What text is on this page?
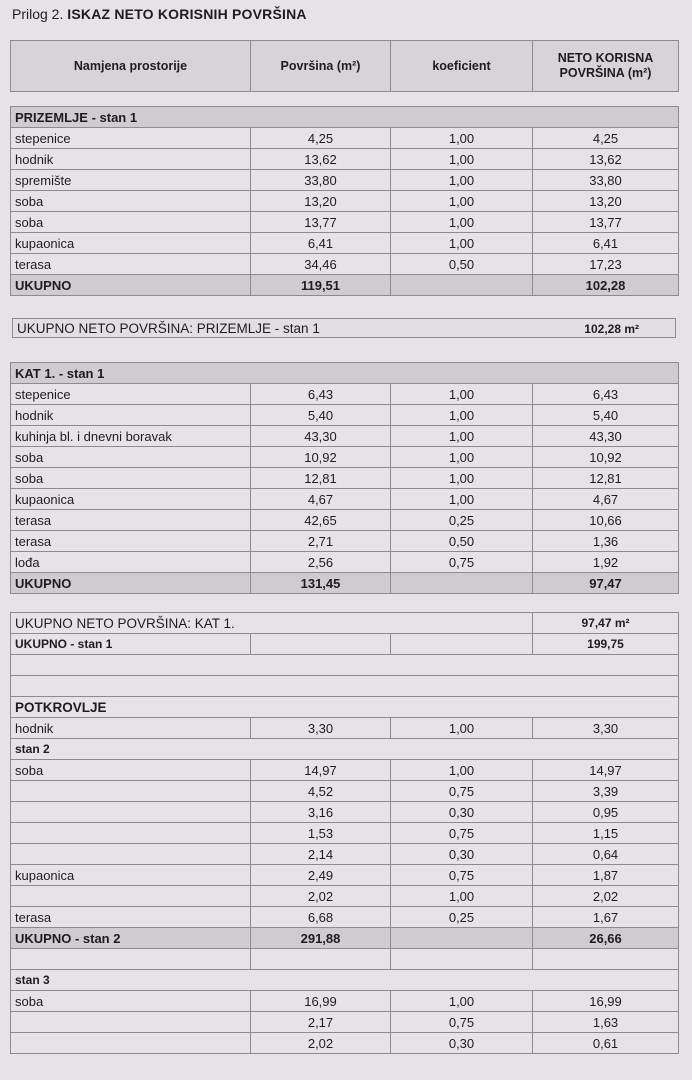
Prilog 2. ISKAZ NETO KORISNIH POVRŠINA
Namjena prostorije	Površina (m²)	koeficient	NETO KORISNA POVRŠINA (m²)

PRIZEMLJE - stan 1			
stepenice	4,25	1,00	4,25
hodnik	13,62	1,00	13,62
spremište	33,80	1,00	33,80
soba	13,20	1,00	13,20
soba	13,77	1,00	13,77
kupaonica	6,41	1,00	6,41
terasa	34,46	0,50	17,23
UKUPNO	119,51		102,28
UKUPNO NETO POVRŠINA: PRIZEMLJE - stan 1	102,28 m²
KAT 1. - stan 1			
stepenice	6,43	1,00	6,43
hodnik	5,40	1,00	5,40
kuhinja bl. i dnevni boravak	43,30	1,00	43,30
soba	10,92	1,00	10,92
soba	12,81	1,00	12,81
kupaonica	4,67	1,00	4,67
terasa	42,65	0,25	10,66
terasa	2,71	0,50	1,36
lođa	2,56	0,75	1,92
UKUPNO	131,45		97,47
UKUPNO NETO POVRŠINA: KAT 1.			97,47 m²
UKUPNO - stan 1			199,75

POTKROVLJE			
hodnik	3,30	1,00	3,30
stan 2			
soba	14,97	1,00	14,97
	4,52	0,75	3,39
	3,16	0,30	0,95
	1,53	0,75	1,15
	2,14	0,30	0,64
kupaonica	2,49	0,75	1,87
	2,02	1,00	2,02
terasa	6,68	0,25	1,67
UKUPNO - stan 2	291,88		26,66

stan 3			
soba	16,99	1,00	16,99
	2,17	0,75	1,63
	2,02	0,30	0,61
